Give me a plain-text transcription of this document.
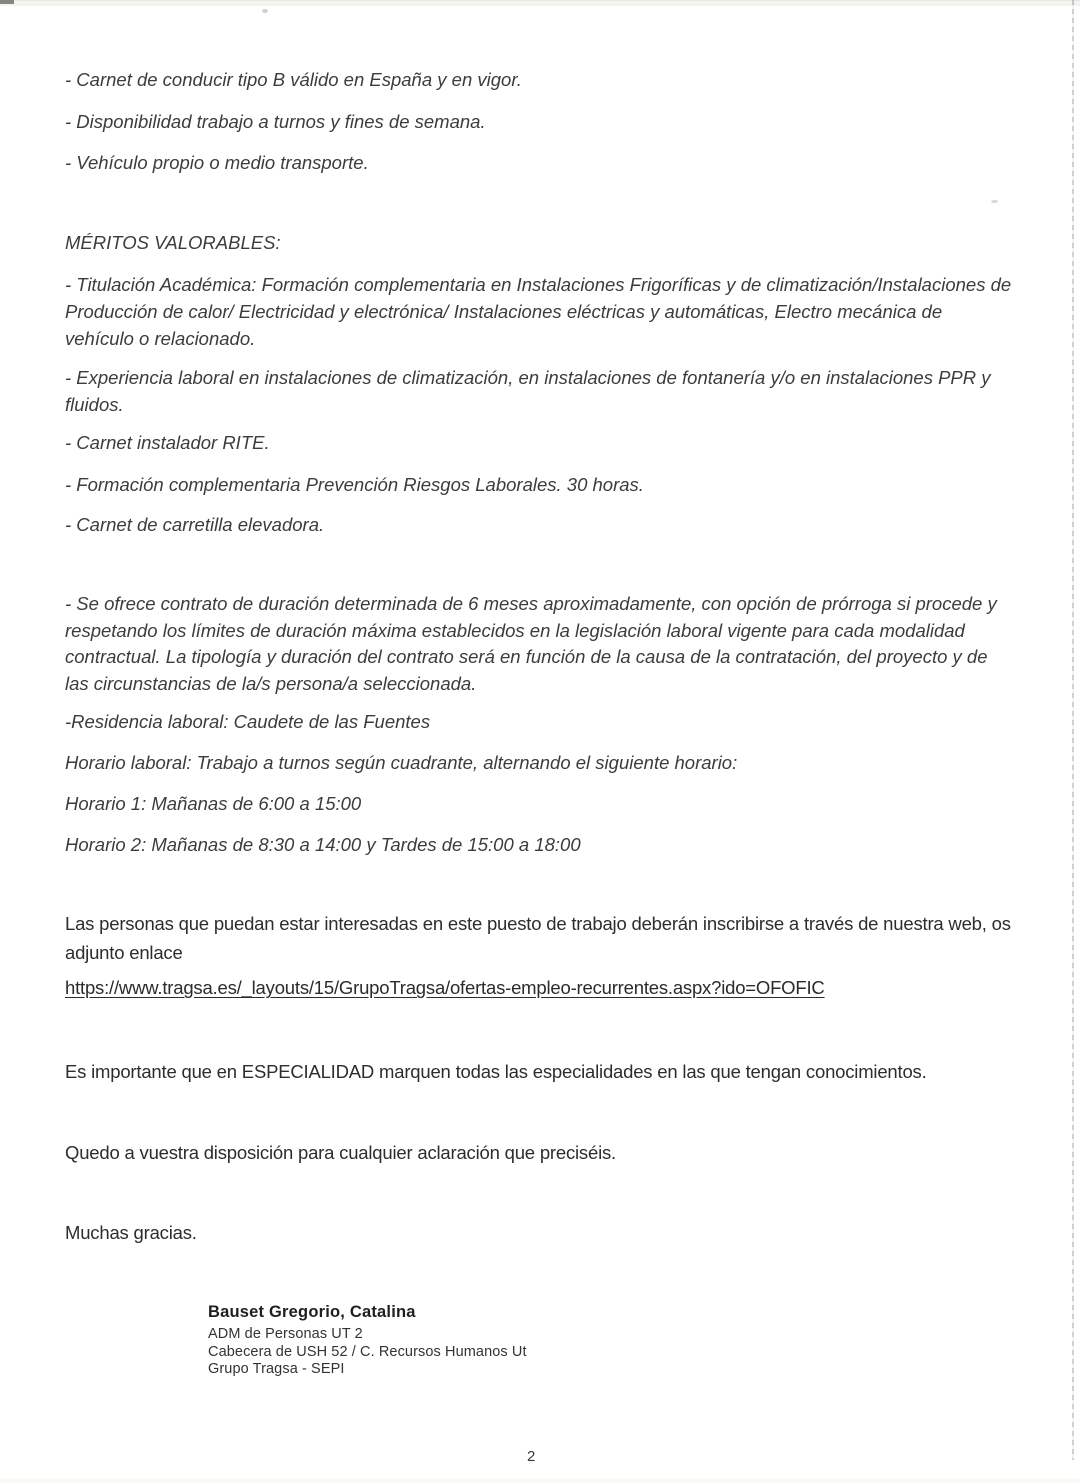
- Carnet de conducir tipo B válido en España y en vigor.

- Disponibilidad trabajo a turnos y fines de semana.

- Vehículo propio o medio transporte.

MÉRITOS VALORABLES:

- Titulación Académica: Formación complementaria en Instalaciones Frigoríficas y de climatización/Instalaciones de Producción de calor/ Electricidad y electrónica/ Instalaciones eléctricas y automáticas, Electro mecánica de vehículo o relacionado.

- Experiencia laboral en instalaciones de climatización, en instalaciones de fontanería y/o en instalaciones PPR y fluidos.

- Carnet instalador RITE.

- Formación complementaria Prevención Riesgos Laborales. 30 horas.

- Carnet de carretilla elevadora.

- Se ofrece contrato de duración determinada de 6 meses aproximadamente, con opción de prórroga si procede y respetando los límites de duración máxima establecidos en la legislación laboral vigente para cada modalidad contractual. La tipología y duración del contrato será en función de la causa de la contratación, del proyecto y de las circunstancias de la/s persona/a seleccionada.

-Residencia laboral: Caudete de las Fuentes

Horario laboral: Trabajo a turnos según cuadrante, alternando el siguiente horario:

Horario 1: Mañanas de 6:00 a 15:00

Horario 2: Mañanas de 8:30 a 14:00 y Tardes de 15:00 a 18:00

Las personas que puedan estar interesadas en este puesto de trabajo deberán inscribirse a través de nuestra web, os adjunto enlace

https://www.tragsa.es/_layouts/15/GrupoTragsa/ofertas-empleo-recurrentes.aspx?ido=OFOFIC

Es importante que en ESPECIALIDAD marquen todas las especialidades en las que tengan conocimientos.

Quedo a vuestra disposición para cualquier aclaración que preciséis.

Muchas gracias.

Bauset Gregorio, Catalina

ADM de Personas UT 2

Cabecera de USH 52 / C. Recursos Humanos Ut

Grupo Tragsa - SEPI

2
